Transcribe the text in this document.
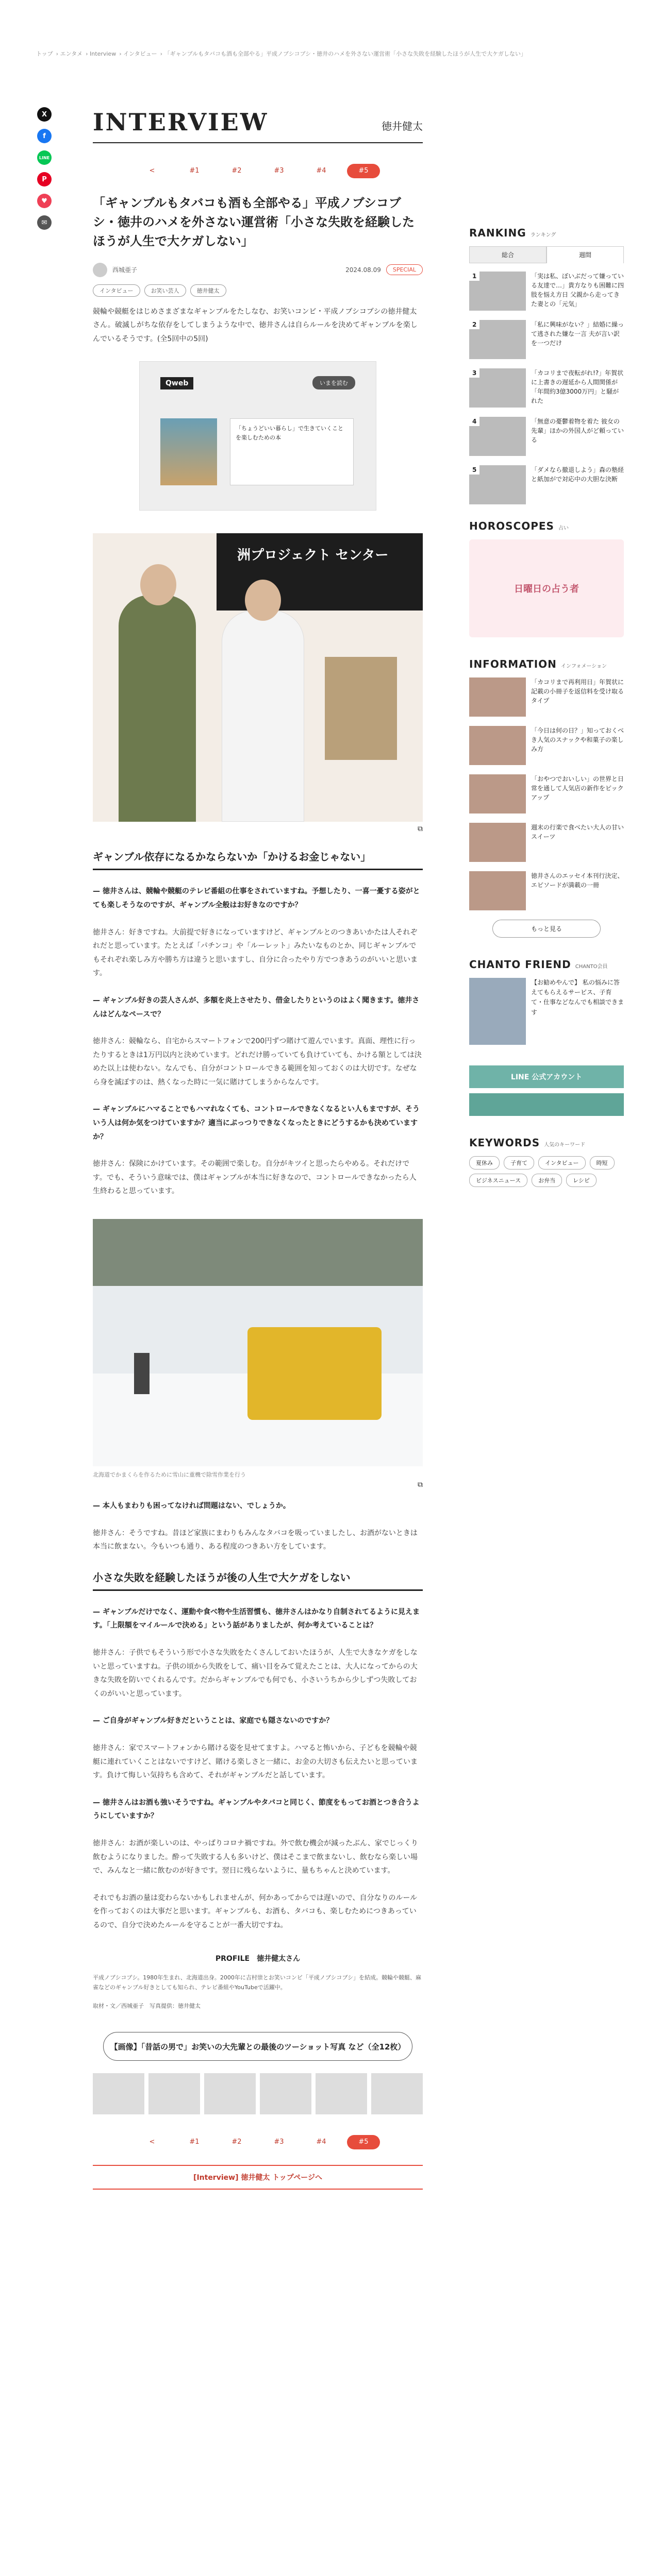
トップ › エンタメ › Interview › インタビュー › 「ギャンブルもタバコも酒も全部やる」平成ノブシコブシ・徳井のハメを外さない運営術「小さな失敗を経験したほうが人生で大ケガしない」
X
f
LINE
P
♥
✉
INTERVIEW	徳井健太
<	#1	#2	#3	#4	#5
「ギャンブルもタバコも酒も全部やる」平成ノブシコブシ・徳井のハメを外さない運営術「小さな失敗を経験したほうが人生で大ケガしない」
西城亜子	2024.08.09	SPECIAL
インタビュー	お笑い芸人	徳井健太

競輪や競艇をはじめさまざまなギャンブルをたしなむ、お笑いコンビ・平成ノブシコブシの徳井健太さん。破滅しがちな依存をしてしまうような中で、徳井さんは自らルールを決めてギャンブルを楽しんでいるそうです。(全5回中の5回)

Qweb	いまを読む
「ちょうどいい暮らし」で生きていくことを楽しむための本
洲プロジェクト センター
⧉
ギャンブル依存になるかならないか「かけるお金じゃない」

— 徳井さんは、競輪や競艇のテレビ番組の仕事をされていますね。予想したり、一喜一憂する姿がとても楽しそうなのですが、ギャンブル全般はお好きなのですか？

徳井さん：好きですね。大前提で好きになっていますけど、ギャンブルとのつきあいかたは人それぞれだと思っています。たとえば「パチンコ」や「ルーレット」みたいなものとか、同じギャンブルでもそれぞれ楽しみ方や勝ち方は違うと思いますし、自分に合ったやり方でつきあうのがいいと思います。

— ギャンブル好きの芸人さんが、多額を炎上させたり、借金したりというのはよく聞きます。徳井さんはどんなペースで？

徳井さん：競輪なら、自宅からスマートフォンで200円ずつ賭けて遊んでいます。真面、理性に行ったりするときは1万円以内と決めています。どれだけ勝っていても負けていても、かける額としては決めた以上は使わない。なんでも、自分がコントロールできる範囲を知っておくのは大切です。なぜなら身を滅ぼすのは、熱くなった時に一気に賭けてしまうからなんです。

— ギャンブルにハマることでもハマれなくても、コントロールできなくなるとい人もまですが、そういう人は何か気をつけていますか？適当にぷっつりできなくなったときにどうするかも決めていますか？

徳井さん：保険にかけています。その範囲で楽しむ。自分がキツイと思ったらやめる。それだけです。でも、そういう意味では、僕はギャンブルが本当に好きなので、コントロールできなかったら人生終わると思っています。

北海道でかまくらを作るために雪山に重機で除雪作業を行う

⧉

— 本人もまわりも困ってなければ問題はない、でしょうか。

徳井さん：そうですね。昔ほど家族にまわりもみんなタバコを吸っていましたし、お酒がないときは本当に飲まない。今もいつも通り、ある程度のつきあい方をしています。

小さな失敗を経験したほうが後の人生で大ケガをしない

— ギャンブルだけでなく、運動や食べ物や生活習慣も、徳井さんはかなり自制されてるように見えます。「上限額をマイルールで決める」という話がありましたが、何か考えていることは？

徳井さん：子供でもそういう形で小さな失敗をたくさんしておいたほうが、人生で大きなケガをしないと思っていますね。子供の頃から失敗をして、痛い目をみて覚えたことは、大人になってからの大きな失敗を防いでくれるんです。だからギャンブルでも何でも、小さいうちから少しずつ失敗しておくのがいいと思っています。

— ご自身がギャンブル好きだということは、家庭でも隠さないのですか？

徳井さん：家でスマートフォンから賭ける姿を見せてますよ。ハマると怖いから、子どもを競輪や競艇に連れていくことはないですけど、賭ける楽しさと一緒に、お金の大切さも伝えたいと思っています。負けて悔しい気持ちも含めて、それがギャンブルだと話しています。

— 徳井さんはお酒も強いそうですね。ギャンブルやタバコと同じく、節度をもってお酒とつき合うようにしていますか？

徳井さん：お酒が楽しいのは、やっぱりコロナ禍ですね。外で飲む機会が減ったぶん、家でじっくり飲むようになりました。酔って失敗する人も多いけど、僕はそこまで飲まないし、飲むなら楽しい場で、みんなと一緒に飲むのが好きです。翌日に残らないように、量もちゃんと決めています。

それでもお酒の量は変わらないかもしれませんが、何かあってからでは遅いので、自分なりのルールを作っておくのは大事だと思います。ギャンブルも、お酒も、タバコも、楽しむためにつきあっているので、自分で決めたルールを守ることが一番大切ですね。

PROFILE　徳井健太さん

平成ノブシコブシ。1980年生まれ、北海道出身。2000年に吉村崇とお笑いコンビ「平成ノブシコブシ」を結成。競輪や競艇、麻雀などのギャンブル好きとしても知られ、テレビ番組やYouTubeで活躍中。

取材・文／西城亜子　写真提供：徳井健太

【画像】「昔話の男で」お笑いの大先輩との最後のツーショット写真 など（全12枚）
<	#1	#2	#3	#4	#5
[Interview] 徳井健太 トップページへ
RANKING ランキング
総合	週間
1	「実は私、ぼいぶだって嫌っている友達で…」貴方なりも困難に四肢を悩え方日 父親から走ってきた妻との「元気」

2	「私に興味がない？」結婚に繰って逃された嫌な一言 夫が言い訳を一つだけ

3	「カコリまで夜転がれ!?」年賀状に上書きの遅延から人間関係が「年間約3億3000万円」と騒がれた

4	「無意の憂鬱着物を着た 彼女の先輩」ほかの外国人がど頼っている

5	「ダメなら撤退しよう」森の塾経と紙加がで対応中の大胆な決断

HOROSCOPES 占い
日曜日の占う者
INFORMATION インフォメーション

「カコリまで再利用日」年賀状に記載の小冊子を返信料を受け取るタイプ

「今日は何の日？」知っておくべき人気のスナックや和菓子の楽しみ方

「おやつでおいしい」の世界と日常を通して人気店の新作をピックアップ

週末の行楽で食べたい大人の甘いスイーツ

徳井さんのエッセイ本刊行決定、エピソードが満載の一冊

もっと見る
CHANTO FRIEND CHANTO会員

【お勧めやんで】 私の悩みに答えてもらえるサービス、子育て・仕事などなんでも相談できます

LINE 公式アカウント
KEYWORDS 人気のキーワード
夏休み	子育て	インタビュー	時短
ビジネスニュース	お弁当	レシピ
